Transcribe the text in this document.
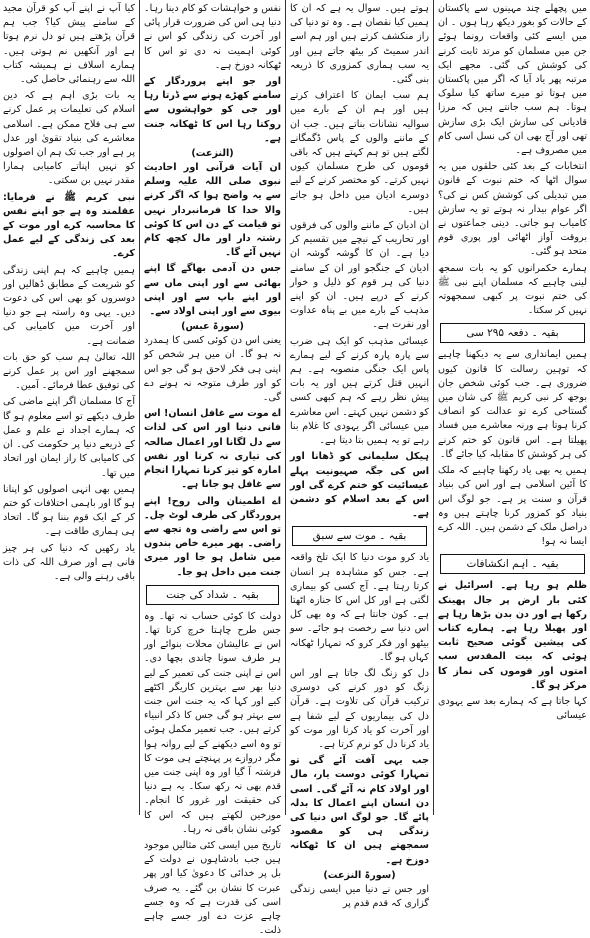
میں پچھلے چند مہینوں سے پاکستان کے حالات کو بغور دیکھ رہا ہوں ۔ ان میں ایسے کئی واقعات رونما ہوئے جن میں مسلمان کو مرتد ثابت کرنے کی کوشش کی گئی۔ مجھے ایک مرتبہ پھر یاد آیا کہ اگر میں پاکستان میں ہوتا تو میرے ساتھ کیا سلوک ہوتا۔ ہم سب جانتے ہیں کہ مرزا قادیانی کی سازش ایک بڑی سازش تھی اور آج بھی ان کی نسل اسی کام میں مصروف ہے۔

انتخابات کے بعد کئی حلقوں میں یہ سوال اٹھا کہ ختم نبوت کے قانون میں تبدیلی کی کوشش کس نے کی؟ اگر عوام بیدار نہ ہوتے تو یہ سازش کامیاب ہو جاتی۔ دینی جماعتوں نے بروقت آواز اٹھائی اور پوری قوم متحد ہو گئی۔

ہمارے حکمرانوں کو یہ بات سمجھ لینی چاہیے کہ مسلمان اپنے نبی ﷺ کی ختم نبوت پر کبھی سمجھوتہ نہیں کر سکتا۔

بقیہ ۔ دفعہ ۲۹۵ سی

ہمیں ایمانداری سے یہ دیکھنا چاہیے کہ توہین رسالت کا قانون کیوں ضروری ہے۔ جب کوئی شخص جان بوجھ کر نبی کریم ﷺ کی شان میں گستاخی کرے تو عدالت کو انصاف کرنا ہوتا ہے ورنہ معاشرے میں فساد پھیلتا ہے۔ اس قانون کو ختم کرنے کی ہر کوشش کا مقابلہ کیا جائے گا۔

ہمیں یہ بھی یاد رکھنا چاہیے کہ ملک کا آئین اسلامی ہے اور اس کی بنیاد قرآن و سنت پر ہے۔ جو لوگ اس بنیاد کو کمزور کرنا چاہتے ہیں وہ دراصل ملک کے دشمن ہیں۔ اللہ کرے ایسا نہ ہو!

بقیہ ۔ اہم انکشافات

ظلم ہو رہا ہے۔ اسرائیل نے کئی بار ارض پر جال پھینک رکھا ہے اور دن بدن بڑھا رہا ہے اور پھیلا رہا ہے۔ ہمارے کتاب کی پیشین گوئی صحیح ثابت ہوئی کہ بیت المقدس سب امتوں اور قوموں کی نماز کا مرکز ہو گا۔

کہا جاتا ہے کہ ہمارے بعد سے یہودی عیسائی

ہوتے ہیں۔ سوال یہ ہے کہ ان کا ہمیں کیا نقصان ہے۔ وہ تو دنیا کی راز منکشف کرتے ہیں اور ہم اسے اندر سمیٹ کر بیٹھ جاتے ہیں اور یہ سب ہماری کمزوری کا ذریعہ بنی گئی۔

ہم سب ایمان کا اعتراف کرتے ہیں اور ہم ان کے بارے میں سوالیہ نشانات بناتے ہیں۔ جب ان کے ماننے والوں کے پاس ڈگمگانے لگتے ہیں تو ہم کہتے ہیں کہ باقی قوموں کی طرح مسلمان کیوں نہیں کرتے۔ کو مختصر کرنے کے لیے دوسرے ادیان میں داخل ہو جاتے ہیں۔

ان ادیان کے ماننے والوں کی فرقوں اور تحاریب کے نیچے میں تقسیم کر دیا ہے۔ ان کا گوشہ گوشہ ان ادیان کے جنگجو اور ان کے سامنے دنیا کی ہر قوم کو ذلیل و خوار کرنے کے درپے ہیں۔ ان کو اپنے مذہب کے بارے میں بے پناہ عداوت اور نفرت ہے۔

عیسائی مذہب کو ایک ہی ضرب سے پارہ پارہ کرنے کے لیے ہمارے پاس ایک جنگی منصوبہ ہے۔ ہم انہیں قتل کرتے ہیں اور یہ بات پیش نظر رہے کہ ہم کبھی کسی کو دشمن نہیں کہتے۔ اس معاشرے میں عیسائی اگر یہودی کا غلام بنا رہے تو یہ ہمیں بتا دیتا ہے۔

ہیکل سلیمانی کو ڈھانا اور اس کی جگہ صہیونیت پہلے عیسائیت کو ختم کرے گی اور اس کے بعد اسلام کو دشمن ہے۔

بقیہ ۔ موت سے سبق

یاد کرو موت دنیا کا ایک تلخ واقعہ ہے۔ جس کو مشاہدہ ہر انسان کرتا رہتا ہے۔ آج کسی کو بیماری لگتی ہے اور کل اس کا جنازہ اٹھتا ہے۔ کون جانتا ہے کہ وہ بھی کل اس دنیا سے رخصت ہو جائے۔ سو بیٹھو اور فکر کرو کہ تمہارا ٹھکانہ کہاں ہو گا۔

دل کو زنگ لگ جاتا ہے اور اس زنگ کو دور کرنے کی دوسری ترکیب قرآن کی تلاوت ہے۔ قرآن دل کی بیماریوں کے لیے شفا ہے اور آخرت کو یاد کرنا اور موت کو یاد کرنا دل کو نرم کرتا ہے۔

جب یہی آفت آئے گی تو تمہارا کوئی دوست یار، مال اور اولاد کام نہ آئے گی۔ اسی دن انسان اپنے اعمال کا بدلہ پائے گا۔ جو لوگ اس دنیا کی زندگی ہی کو مقصود سمجھتے ہیں ان کا ٹھکانہ دوزخ ہے۔

(سورۃ النزعت)

اور جس نے دنیا میں ایسی زندگی گزاری کہ قدم قدم پر

نفس و خواہشات کو کام دینا رہا۔ دنیا ہی اس کی ضرورت قرار پائی اور آخرت کی زندگی کو اس نے کوئی اہمیت نہ دی تو اس کا ٹھکانہ دوزخ ہے۔

اور جو اپنے پروردگار کے سامنے کھڑے ہونے سے ڈرتا رہا اور جی کو خواہشوں سے روکتا رہا اس کا ٹھکانہ جنت ہے۔

(النزعت)

ان آیات قرآنی اور احادیث نبوی صلی اللہ علیہ وسلم سے یہ واضح ہوا کہ اگر کرنے والا خدا کا فرمانبردار نہیں تو قیامت کے دن اس کا کوئی رشتہ دار اور مال کچھ کام نہیں آئے گا۔

جس دن آدمی بھاگے گا اپنے بھائی سے اور اپنی ماں سے اور اپنے باپ سے اور اپنی بیوی سے اور اپنی اولاد سے۔

(سورۃ عبس)

یعنی اس دن کوئی کسی کا ہمدرد نہ ہو گا۔ ان میں ہر شخص کو اپنی ہی فکر لاحق ہو گی جو اس کو اور طرف متوجہ نہ ہونے دے گی۔

اے موت سے غافل انسان! اس فانی دنیا اور اس کی لذات سے دل لگانا اور اعمال صالحہ کی تیاری نہ کرنا اور نفس امارہ کو تیز کرنا تمہارا انجام سے غافل ہو جانا ہے۔

اے اطمینان والی روح! اپنے پروردگار کی طرف لوٹ چل۔ تو اس سے راضی وہ تجھ سے راضی۔ پھر میرے خاص بندوں میں شامل ہو جا اور میری جنت میں داخل ہو جا۔

بقیہ ۔ شداد کی جنت

دولت کا کوئی حساب نہ تھا۔ وہ جس طرح چاہتا خرچ کرتا تھا۔ اس نے عالیشان محلات بنوائے اور ہر طرف سونا چاندی بچھا دی۔ اس نے اپنی جنت کی تعمیر کے لیے دنیا بھر سے بہترین کاریگر اکٹھے کیے اور کہا کہ یہ جنت اس جنت سے بہتر ہو گی جس کا ذکر انبیاء کرتے ہیں۔ جب تعمیر مکمل ہوئی تو وہ اسے دیکھنے کے لیے روانہ ہوا مگر دروازے پر پہنچتے ہی موت کا فرشتہ آ گیا اور وہ اپنی جنت میں قدم بھی نہ رکھ سکا۔ یہ ہے دنیا کی حقیقت اور غرور کا انجام۔ مورخین لکھتے ہیں کہ اس کا کوئی نشان باقی نہ رہا۔

تاریخ میں ایسی کئی مثالیں موجود ہیں جب بادشاہوں نے دولت کے بل پر خدائی کا دعویٰ کیا اور پھر عبرت کا نشان بن گئے۔ یہ صرف اسی کی قدرت ہے کہ وہ جسے چاہے عزت دے اور جسے چاہے ذلت۔

کیا آپ نے اپنے آپ کو قرآن مجید کے سامنے پیش کیا؟ جب ہم قرآن پڑھتے ہیں تو دل نرم ہوتا ہے اور آنکھیں نم ہوتی ہیں۔ ہمارے اسلاف نے ہمیشہ کتاب اللہ سے رہنمائی حاصل کی۔

یہ بات بڑی اہم ہے کہ دین اسلام کی تعلیمات پر عمل کرنے سے ہی فلاح ممکن ہے۔ اسلامی معاشرے کی بنیاد تقویٰ اور عدل پر ہے اور جب تک ہم ان اصولوں کو نہیں اپناتے کامیابی ہمارا مقدر نہیں بن سکتی۔

نبی کریم ﷺ نے فرمایا: عقلمند وہ ہے جو اپنے نفس کا محاسبہ کرے اور موت کے بعد کی زندگی کے لیے عمل کرے۔

ہمیں چاہیے کہ ہم اپنی زندگی کو شریعت کے مطابق ڈھالیں اور دوسروں کو بھی اس کی دعوت دیں۔ یہی وہ راستہ ہے جو دنیا اور آخرت میں کامیابی کی ضمانت ہے۔

اللہ تعالیٰ ہم سب کو حق بات سمجھنے اور اس پر عمل کرنے کی توفیق عطا فرمائے۔ آمین۔

آج کا مسلمان اگر اپنے ماضی کی طرف دیکھے تو اسے معلوم ہو گا کہ ہمارے اجداد نے علم و عمل کے ذریعے دنیا پر حکومت کی۔ ان کی کامیابی کا راز ایمان اور اتحاد میں تھا۔

ہمیں بھی انہی اصولوں کو اپنانا ہو گا اور باہمی اختلافات کو ختم کر کے ایک قوم بننا ہو گا۔ اتحاد ہی ہماری طاقت ہے۔

یاد رکھیں کہ دنیا کی ہر چیز فانی ہے اور صرف اللہ کی ذات باقی رہنے والی ہے۔
